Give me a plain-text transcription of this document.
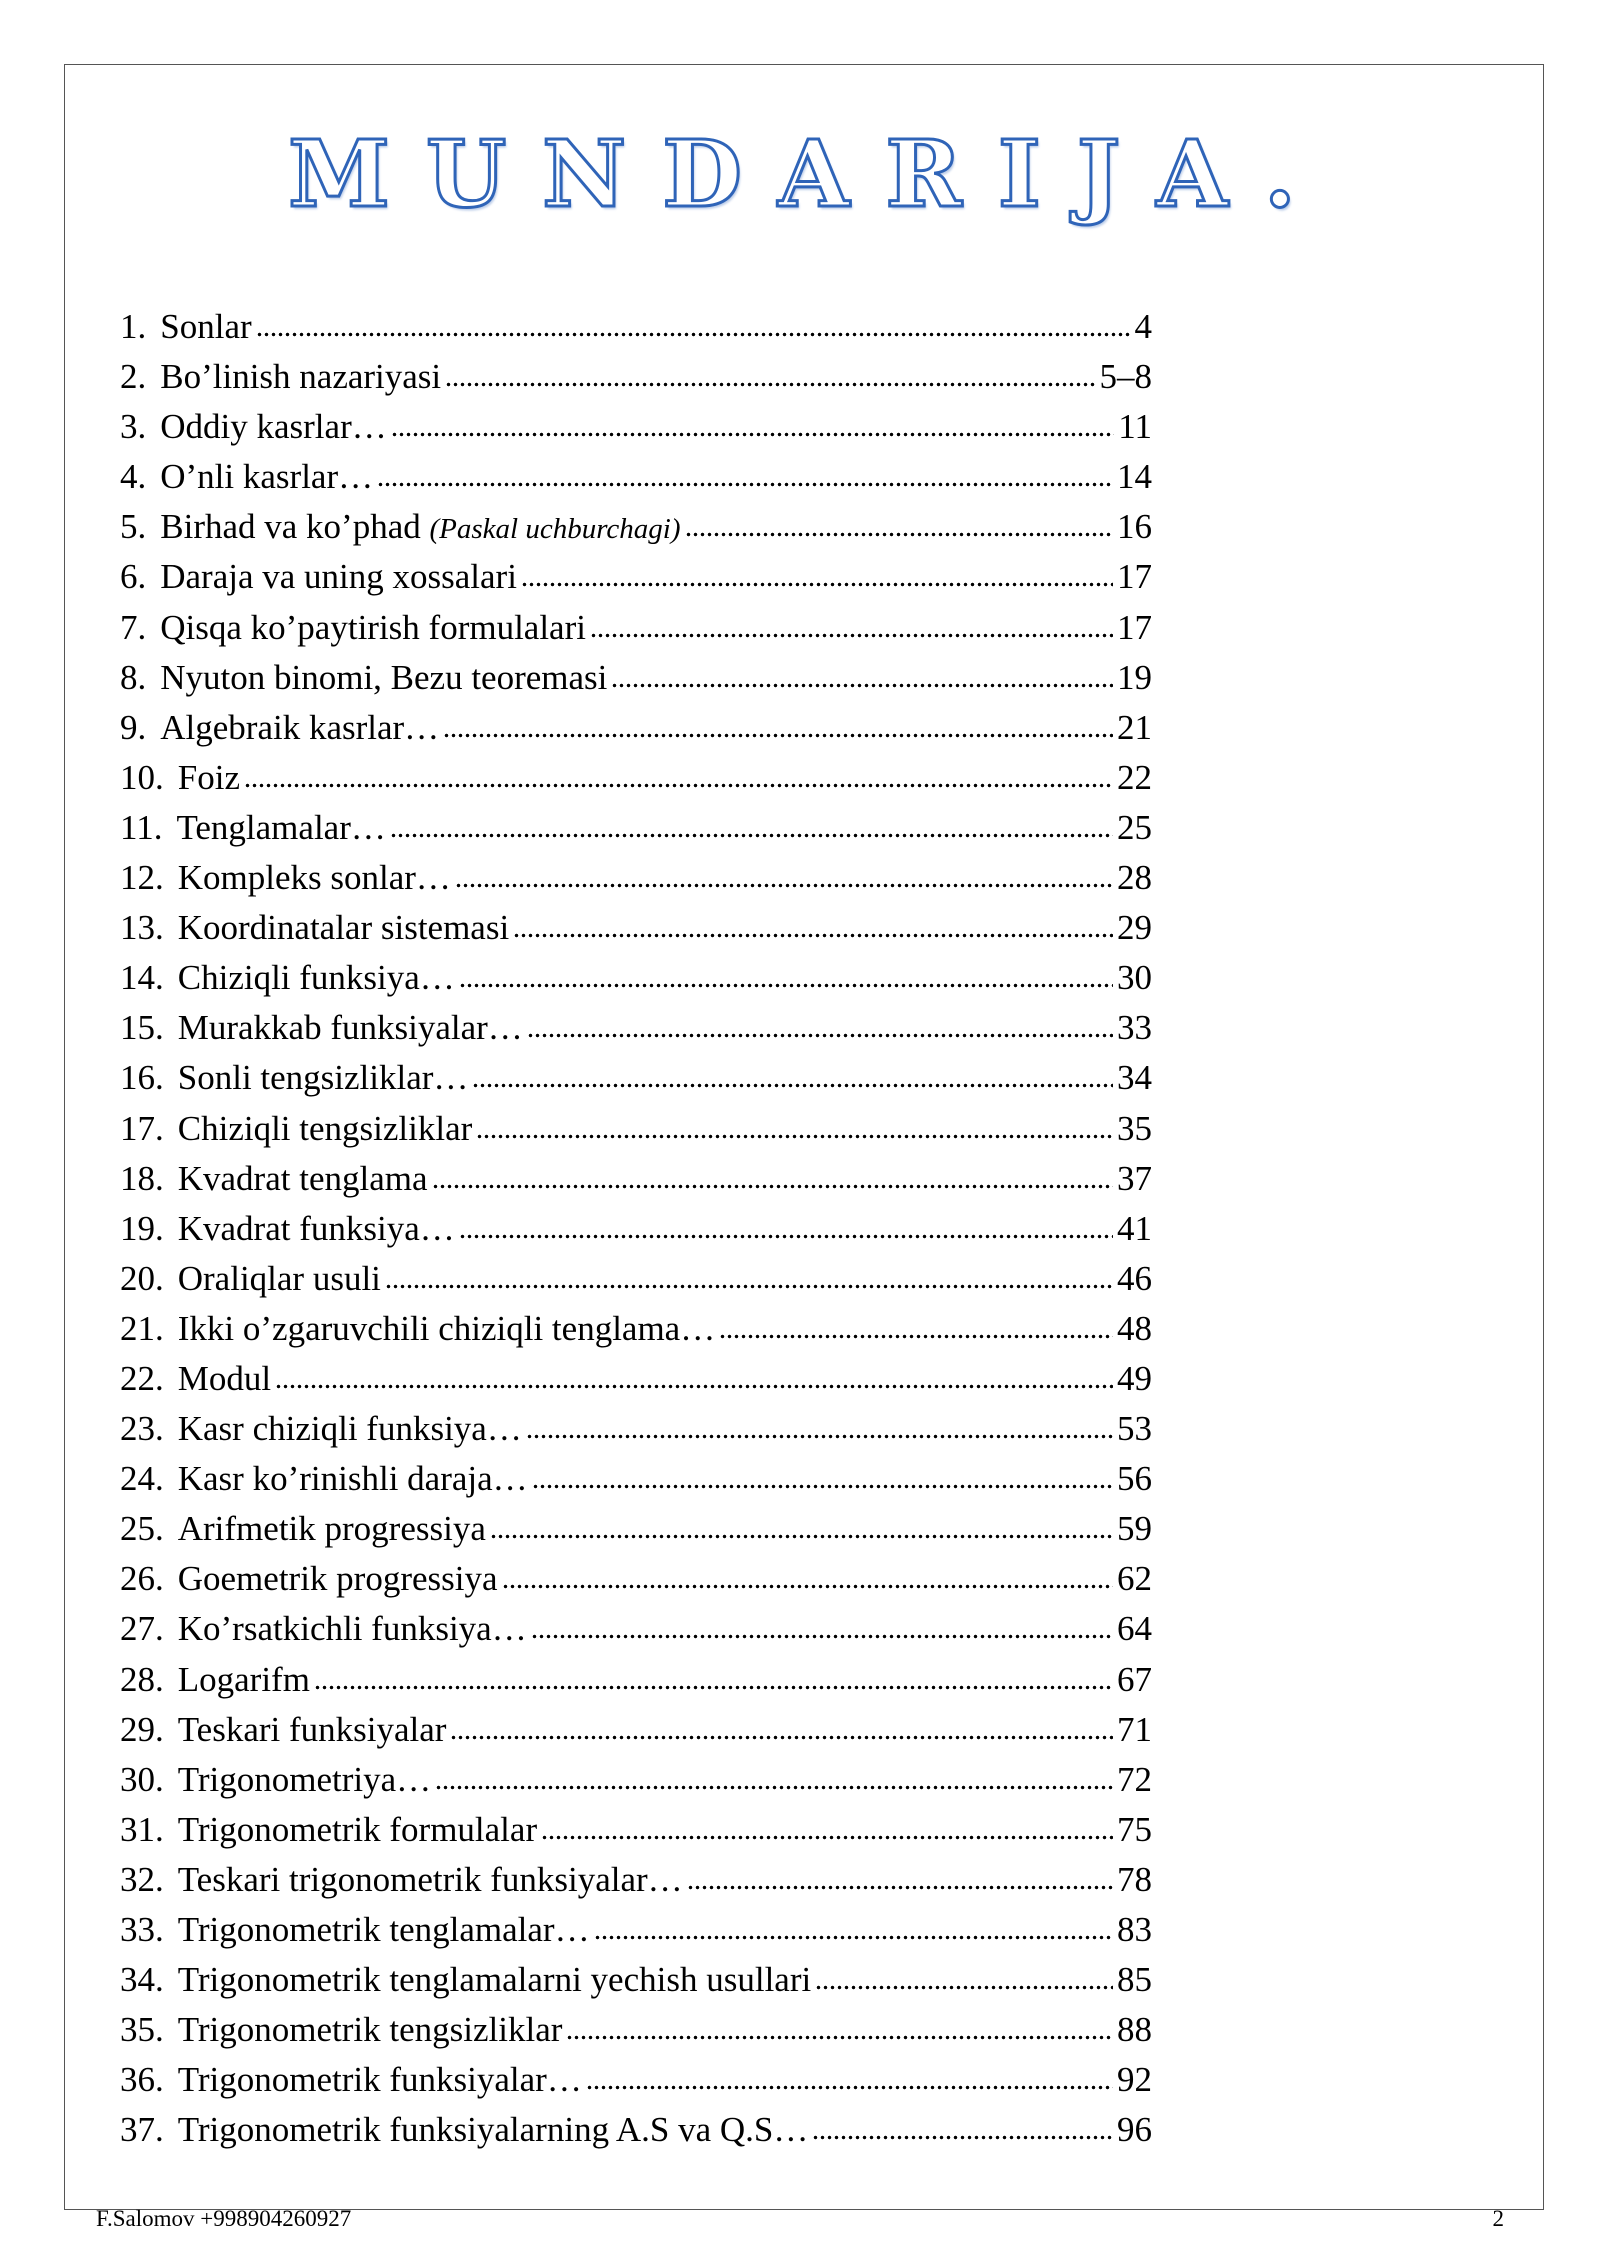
MUNDARIJA.
1. Sonlar	4
2. Bo’linish nazariyasi	5–8
3. Oddiy kasrlar…	11
4. O’nli kasrlar…	14
5. Birhad va ko’phad (Paskal uchburchagi)	16
6. Daraja va uning xossalari	17
7. Qisqa ko’paytirish formulalari	17
8. Nyuton binomi, Bezu teoremasi	19
9. Algebraik kasrlar…	21
10. Foiz	22
11. Tenglamalar…	25
12. Kompleks sonlar…	28
13. Koordinatalar sistemasi	29
14. Chiziqli funksiya…	30
15. Murakkab funksiyalar…	33
16. Sonli tengsizliklar…	34
17. Chiziqli tengsizliklar	35
18. Kvadrat tenglama	37
19. Kvadrat funksiya…	41
20. Oraliqlar usuli	46
21. Ikki o’zgaruvchili chiziqli tenglama…	48
22. Modul	49
23. Kasr chiziqli funksiya…	53
24. Kasr ko’rinishli daraja…	56
25. Arifmetik progressiya	59
26. Goemetrik progressiya	62
27. Ko’rsatkichli funksiya…	64
28. Logarifm	67
29. Teskari funksiyalar	71
30. Trigonometriya…	72
31. Trigonometrik formulalar	75
32. Teskari trigonometrik funksiyalar…	78
33. Trigonometrik tenglamalar…	83
34. Trigonometrik tenglamalarni yechish usullari	85
35. Trigonometrik tengsizliklar	88
36. Trigonometrik funksiyalar…	92
37. Trigonometrik funksiyalarning A.S va Q.S…	96
F.Salomov +998904260927	2
